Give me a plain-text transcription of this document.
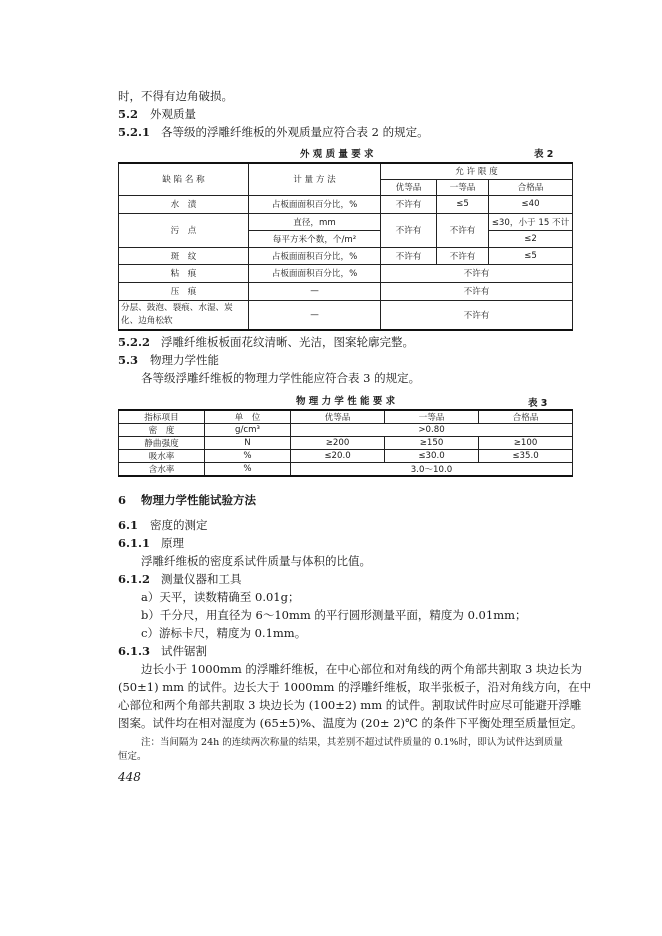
时，不得有边角破损。
5.2 外观质量
5.2.1 各等级的浮雕纤维板的外观质量应符合表 2 的规定。
外 观 质 量 要 求	表 2
缺 陷 名 称	计 量 方 法	允 许 限 度		
		优等品	一等品	合格品
水　渍	占板面面积百分比，%	不许有	≤5	≤40
污　点	直径，mm	不许有	不许有	≤30，小于 15 不计
	每平方米个数，个/m²			≤2
斑　纹	占板面面积百分比，%	不许有	不许有	≤5
粘　痕	占板面面积百分比，%	不许有		
压　痕	—	不许有		

分层、鼓泡、裂痕、水湿、炭
化、边角松软	—	不许有		
5.2.2 浮雕纤维板板面花纹清晰、光洁，图案轮廓完整。
5.3 物理力学性能
各等级浮雕纤维板的物理力学性能应符合表 3 的规定。
物 理 力 学 性 能 要 求	表 3
指标项目	单　位	优等品	一等品	合格品
密　度	g/cm³	>0.80		
静曲强度	N	≥200	≥150	≥100
吸水率	%	≤20.0	≤30.0	≤35.0
含水率	%	3.0～10.0		
6 物理力学性能试验方法
6.1 密度的测定
6.1.1 原理
浮雕纤维板的密度系试件质量与体积的比值。
6.1.2 测量仪器和工具
a）天平，读数精确至 0.01g；
b）千分尺，用直径为 6～10mm 的平行圆形测量平面，精度为 0.01mm；
c）游标卡尺，精度为 0.1mm。
6.1.3 试件锯割
边长小于 1000mm 的浮雕纤维板，在中心部位和对角线的两个角部共割取 3 块边长为
(50±1) mm 的试件。边长大于 1000mm 的浮雕纤维板，取半张板子，沿对角线方向，在中
心部位和两个角部共割取 3 块边长为 (100±2) mm 的试件。割取试件时应尽可能避开浮雕
图案。试件均在相对湿度为 (65±5)%、温度为 (20± 2)℃ 的条件下平衡处理至质量恒定。
注：当间隔为 24h 的连续两次称量的结果，其差别不超过试件质量的 0.1%时，即认为试件达到质量
恒定。
448
